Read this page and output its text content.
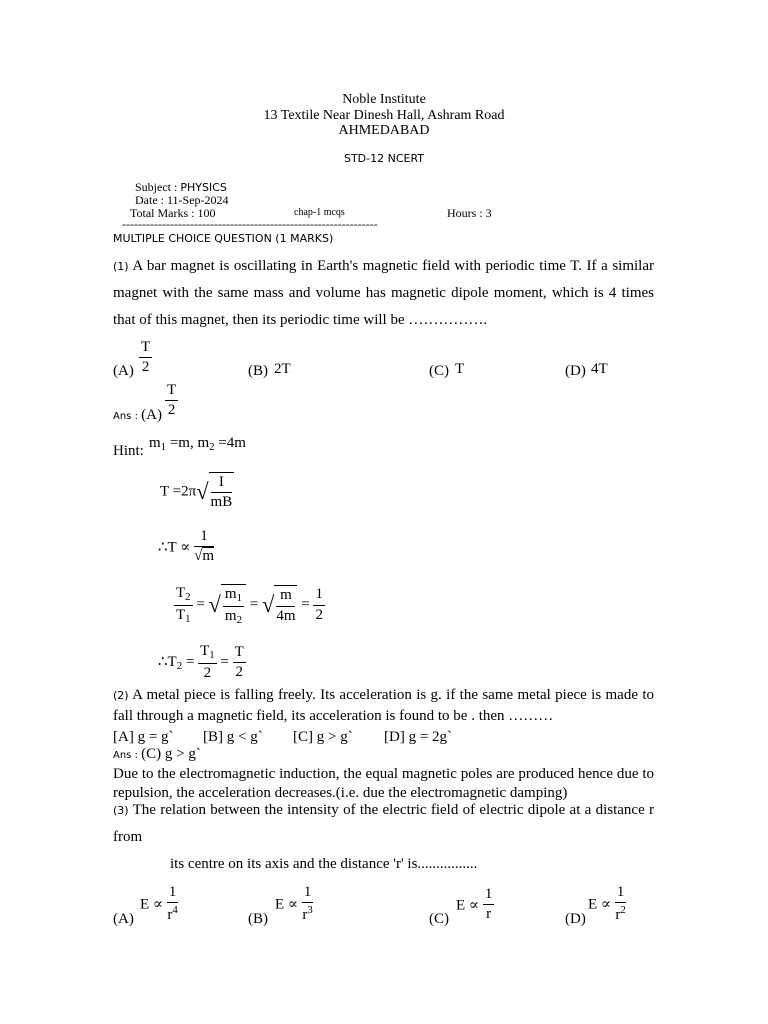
Noble Institute
13 Textile Near Dinesh Hall, Ashram Road
AHMEDABAD
STD-12 NCERT
Subject : PHYSICS
Date : 11-Sep-2024
Total Marks : 100	chap-1 mcqs	Hours : 3
----------------------------------------------------------------
MULTIPLE CHOICE QUESTION (1 MARKS)
(1) A bar magnet is oscillating in Earth's magnetic field with periodic time T. If a similar
magnet with the same mass and volume has magnetic dipole moment, which is 4 times
that of this magnet, then its periodic time will be …………….
$(A) \frac{T}{2}$	(B) 2T	(C) T	(D) 4T
Ans : $(A) \frac{T}{2}$
Hint: $m_1 =m$, $m_2 =4m$
$T =2\pi√ \frac{I}{mB}$
∴T ∝ $\frac{1}{√m}$
$\frac{T_2}{T_1}$ = √ $\frac{m_1}{m_2}$ = √ $\frac{m}{4m} = \frac{1}{2}$
$\therefore T_2 = \frac{T_1}{2} = \frac{T}{2}$
(2) A metal piece is falling freely. Its acceleration is g. if the same metal piece is made to
fall through a magnetic field, its acceleration is found to be . then ………
[A] g = g` [B] g < g` [C] g > g` [D] g = 2g`
Ans : (C) g > g`
Due to the electromagnetic induction, the equal magnetic poles are produced hence due to
repulsion, the acceleration decreases.(i.e. due the electromagnetic damping)
(3) The relation between the intensity of the electric field of electric dipole at a distance r
from
its centre on its axis and the distance 'r' is................
(A)
$E \propto \frac{1}{r^4}$	(B)
$E \propto \frac{1}{r^3}$	(C)
$E \propto \frac{1}{r}$	(D)
$E \propto \frac{1}{r^2}$
